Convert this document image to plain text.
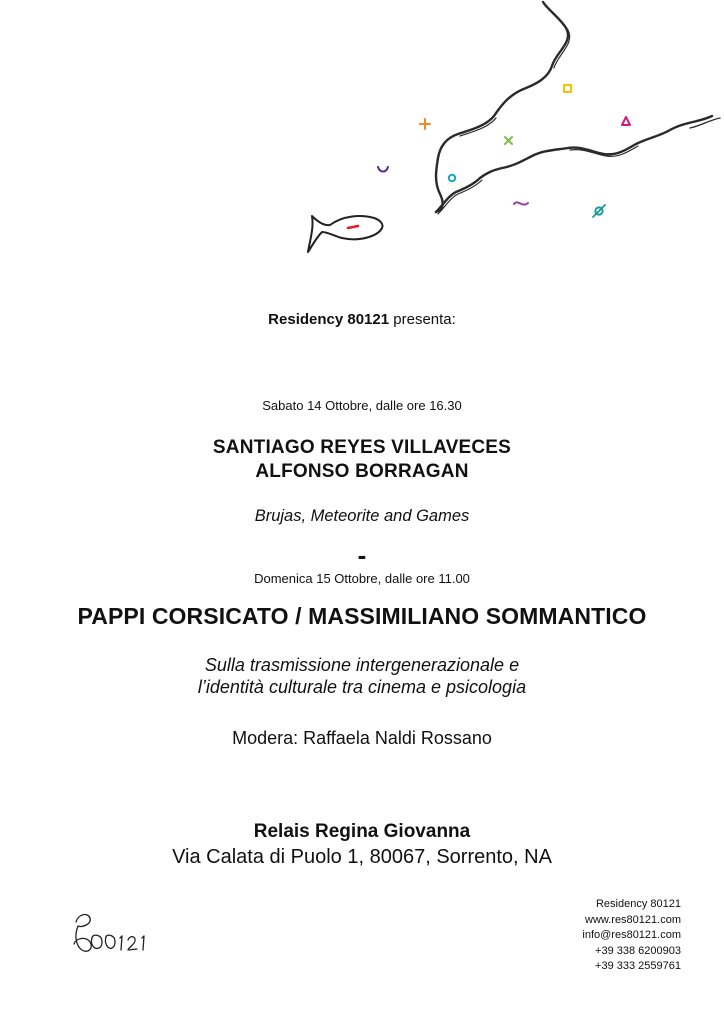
Residency 80121 presenta:
Sabato 14 Ottobre, dalle ore 16.30
SANTIAGO REYES VILLAVECES
ALFONSO BORRAGAN
Brujas, Meteorite and Games
-
Domenica 15 Ottobre, dalle ore 11.00
PAPPI CORSICATO / MASSIMILIANO SOMMANTICO
Sulla trasmissione intergenerazionale e
l’identità culturale tra cinema e psicologia
Modera: Raffaela Naldi Rossano
Relais Regina Giovanna
Via Calata di Puolo 1, 80067, Sorrento, NA
Residency 80121
www.res80121.com
info@res80121.com
+39 338 6200903
+39 333 2559761
